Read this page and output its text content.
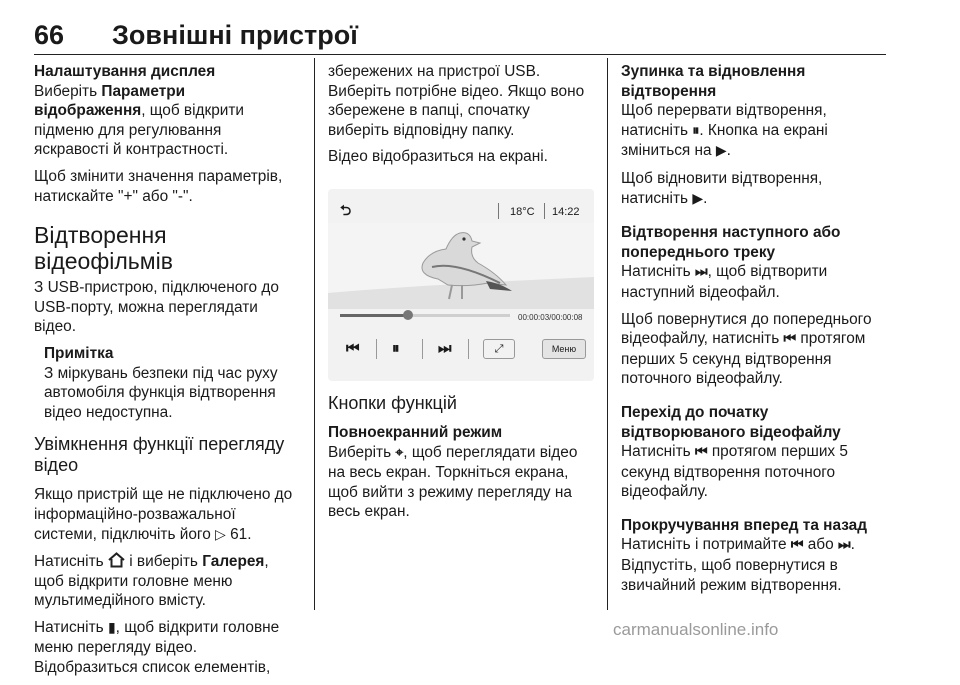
66 Зовнішні пристрої

Налаштування дисплея

Виберіть Параметри відображення, щоб відкрити підменю для регулювання яскравості й контрастності.

Щоб змінити значення параметрів, натискайте "+" або "-".

Відтворення відеофільмів

З USB-пристрою, підключеного до USB-порту, можна переглядати відео.

Примітка

З міркувань безпеки під час руху автомобіля функція відтворення відео недоступна.

Увімкнення функції перегляду відео

Якщо пристрій ще не підключено до інформаційно-розважальної системи, підключіть його ▷ 61.

Натисніть  і виберіть Галерея, щоб відкрити головне меню мультимедійного вмісту.

Натисніть ▮, щоб відкрити головне меню перегляду відео. Відобразиться список елементів,

збережених на пристрої USB. Виберіть потрібне відео. Якщо воно збережене в папці, спочатку виберіть відповідну папку.

Відео відобразиться на екрані.

⮌	18°C 14:22
00:00:03/00:00:08
⏮ ⏸	⏭	⤢	Меню
Кнопки функцій

Повноекранний режим

Виберіть ⌖, щоб переглядати відео на весь екран. Торкніться екрана, щоб вийти з режиму перегляду на весь екран.

Зупинка та відновлення відтворення

Щоб перервати відтворення, натисніть ⏸. Кнопка на екрані зміниться на ▶.

Щоб відновити відтворення, натисніть ▶.

Відтворення наступного або попереднього треку

Натисніть ⏭, щоб відтворити наступний відеофайл.

Щоб повернутися до попереднього відеофайлу, натисніть ⏮ протягом перших 5 секунд відтворення поточного відеофайлу.

Перехід до початку відтворюваного відеофайлу

Натисніть ⏮ протягом перших 5 секунд відтворення поточного відеофайлу.

Прокручування вперед та назад

Натисніть і потримайте ⏮ або ⏭. Відпустіть, щоб повернутися в звичайний режим відтворення.

carmanualsonline.info
